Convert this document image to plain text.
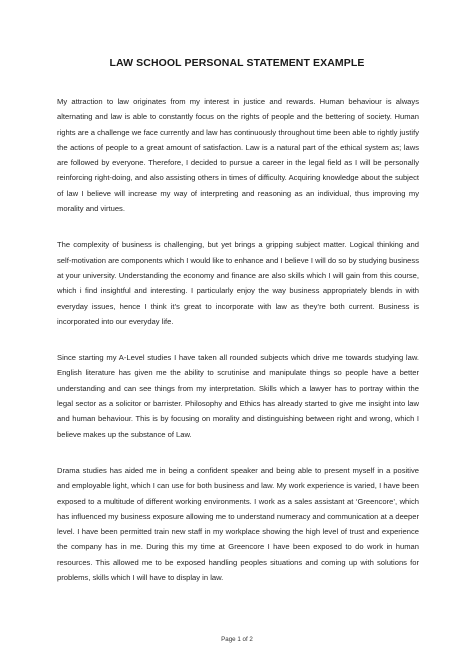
LAW SCHOOL PERSONAL STATEMENT EXAMPLE

My attraction to law originates from my interest in justice and rewards. Human behaviour is always alternating and law is able to constantly focus on the rights of people and the bettering of society. Human rights are a challenge we face currently and law has continuously throughout time been able to rightly justify the actions of people to a great amount of satisfaction. Law is a natural part of the ethical system as; laws are followed by everyone. Therefore, I decided to pursue a career in the legal field as I will be personally reinforcing right-doing, and also assisting others in times of difficulty. Acquiring knowledge about the subject of law I believe will increase my way of interpreting and reasoning as an individual, thus improving my morality and virtues.

The complexity of business is challenging, but yet brings a gripping subject matter. Logical thinking and self-motivation are components which I would like to enhance and I believe I will do so by studying business at your university. Understanding the economy and finance are also skills which I will gain from this course, which i find insightful and interesting. I particularly enjoy the way business appropriately blends in with everyday issues, hence I think it’s great to incorporate with law as they’re both current. Business is incorporated into our everyday life.

Since starting my A-Level studies I have taken all rounded subjects which drive me towards studying law. English literature has given me the ability to scrutinise and manipulate things so people have a better understanding and can see things from my interpretation. Skills which a lawyer has to portray within the legal sector as a solicitor or barrister. Philosophy and Ethics has already started to give me insight into law and human behaviour. This is by focusing on morality and distinguishing between right and wrong, which I believe makes up the substance of Law.

Drama studies has aided me in being a confident speaker and being able to present myself in a positive and employable light, which I can use for both business and law. My work experience is varied, I have been exposed to a multitude of different working environments. I work as a sales assistant at ‘Greencore’, which has influenced my business exposure allowing me to understand numeracy and communication at a deeper level. I have been permitted train new staff in my workplace showing the high level of trust and experience the company has in me. During this my time at Greencore I have been exposed to do work in human resources. This allowed me to be exposed handling peoples situations and coming up with solutions for problems, skills which I will have to display in law.

Page 1 of 2
